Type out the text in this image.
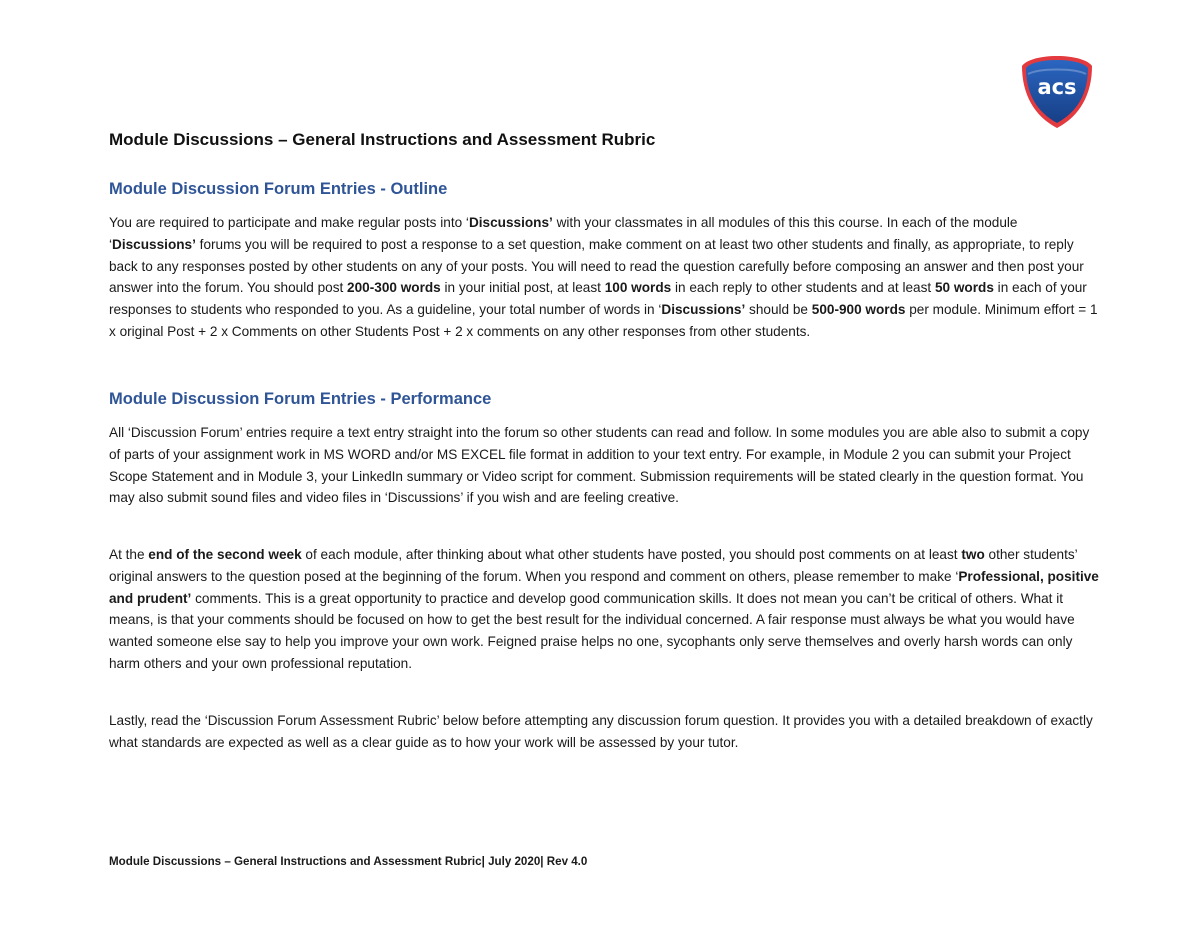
acs
Module Discussions – General Instructions and Assessment Rubric
Module Discussion Forum Entries - Outline

You are required to participate and make regular posts into ‘Discussions’ with your classmates in all modules of this this course. In each of the module ‘Discussions’ forums you will be required to post a response to a set question, make comment on at least two other students and finally, as appropriate, to reply back to any responses posted by other students on any of your posts. You will need to read the question carefully before composing an answer and then post your answer into the forum. You should post 200-300 words in your initial post, at least 100 words in each reply to other students and at least 50 words in each of your responses to students who responded to you. As a guideline, your total number of words in ‘Discussions’ should be 500-900 words per module. Minimum effort = 1 x original Post + 2 x Comments on other Students Post + 2 x comments on any other responses from other students.

Module Discussion Forum Entries - Performance

All ‘Discussion Forum’ entries require a text entry straight into the forum so other students can read and follow. In some modules you are able also to submit a copy of parts of your assignment work in MS WORD and/or MS EXCEL file format in addition to your text entry. For example, in Module 2 you can submit your Project Scope Statement and in Module 3, your LinkedIn summary or Video script for comment. Submission requirements will be stated clearly in the question format. You may also submit sound files and video files in ‘Discussions’ if you wish and are feeling creative.

At the end of the second week of each module, after thinking about what other students have posted, you should post comments on at least two other students’ original answers to the question posed at the beginning of the forum. When you respond and comment on others, please remember to make ‘Professional, positive and prudent’ comments. This is a great opportunity to practice and develop good communication skills. It does not mean you can’t be critical of others. What it means, is that your comments should be focused on how to get the best result for the individual concerned. A fair response must always be what you would have wanted someone else say to help you improve your own work. Feigned praise helps no one, sycophants only serve themselves and overly harsh words can only harm others and your own professional reputation.

Lastly, read the ‘Discussion Forum Assessment Rubric’ below before attempting any discussion forum question. It provides you with a detailed breakdown of exactly what standards are expected as well as a clear guide as to how your work will be assessed by your tutor.

Module Discussions – General Instructions and Assessment Rubric| July 2020| Rev 4.0
